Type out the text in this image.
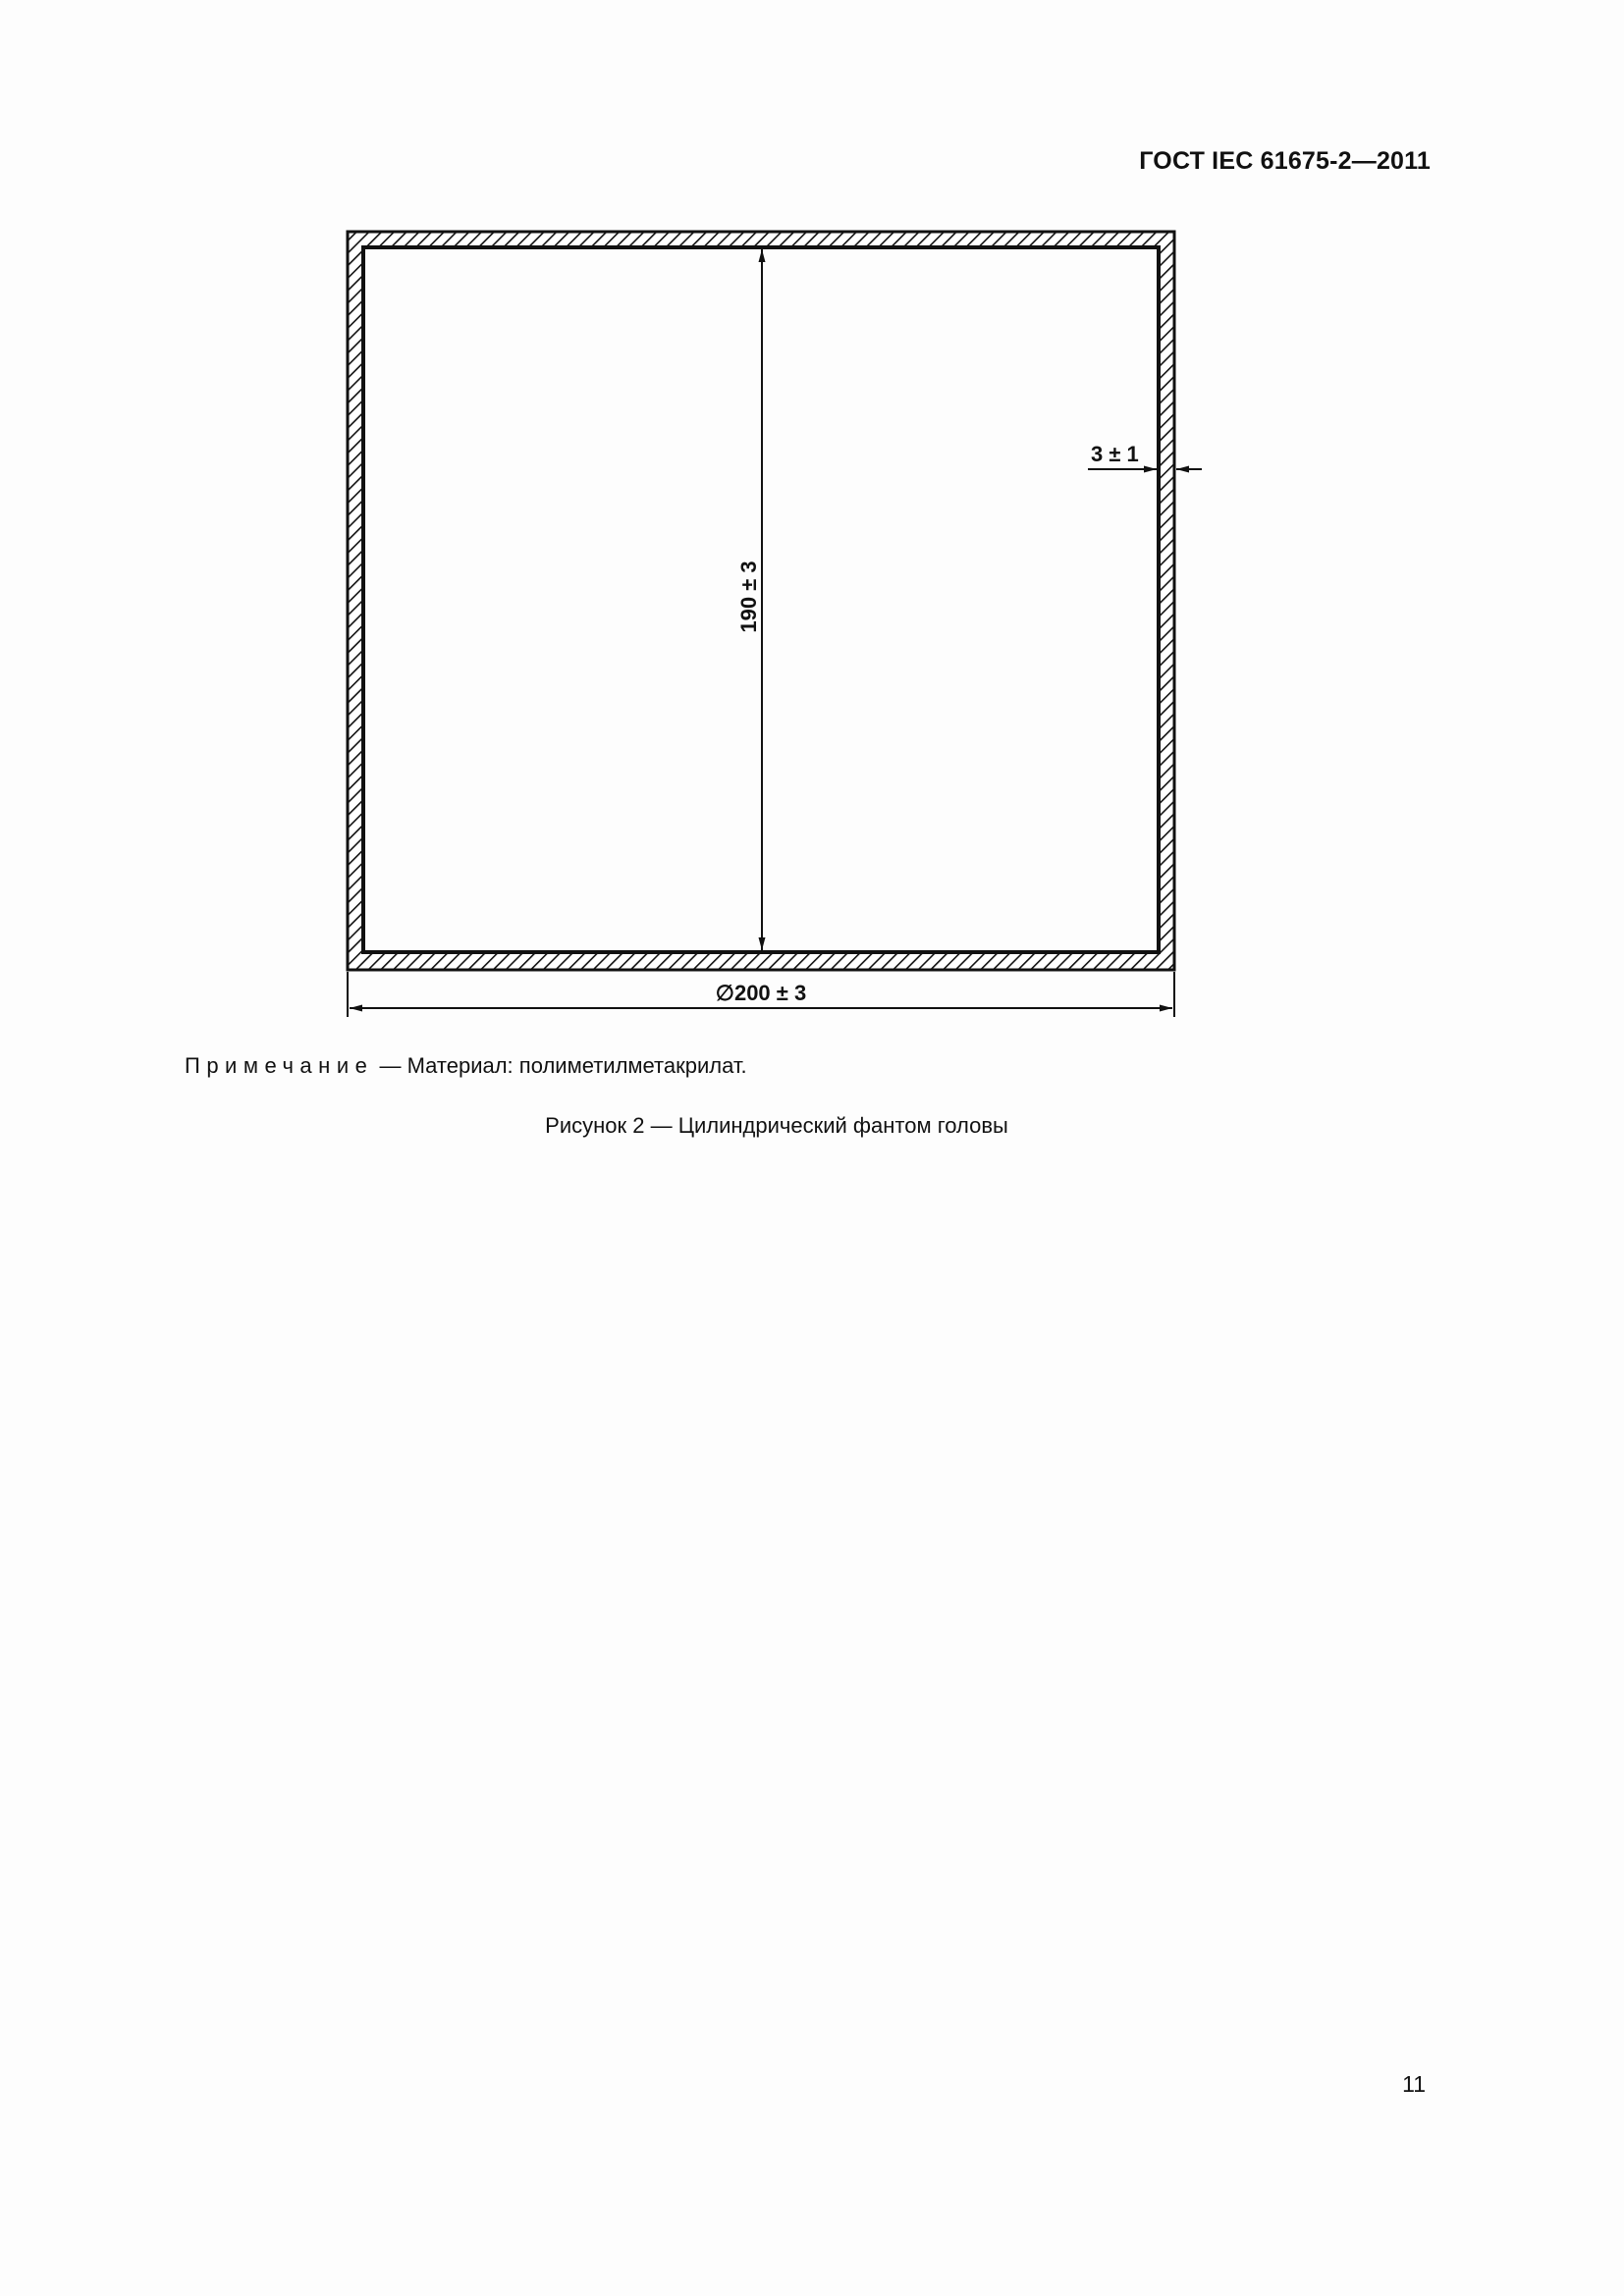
ГОСТ IEC 61675-2—2011
190 ± 3
∅200 ± 3
3 ± 1
Примечание — Материал: полиметилметакрилат.
Рисунок 2 — Цилиндрический фантом головы
11
